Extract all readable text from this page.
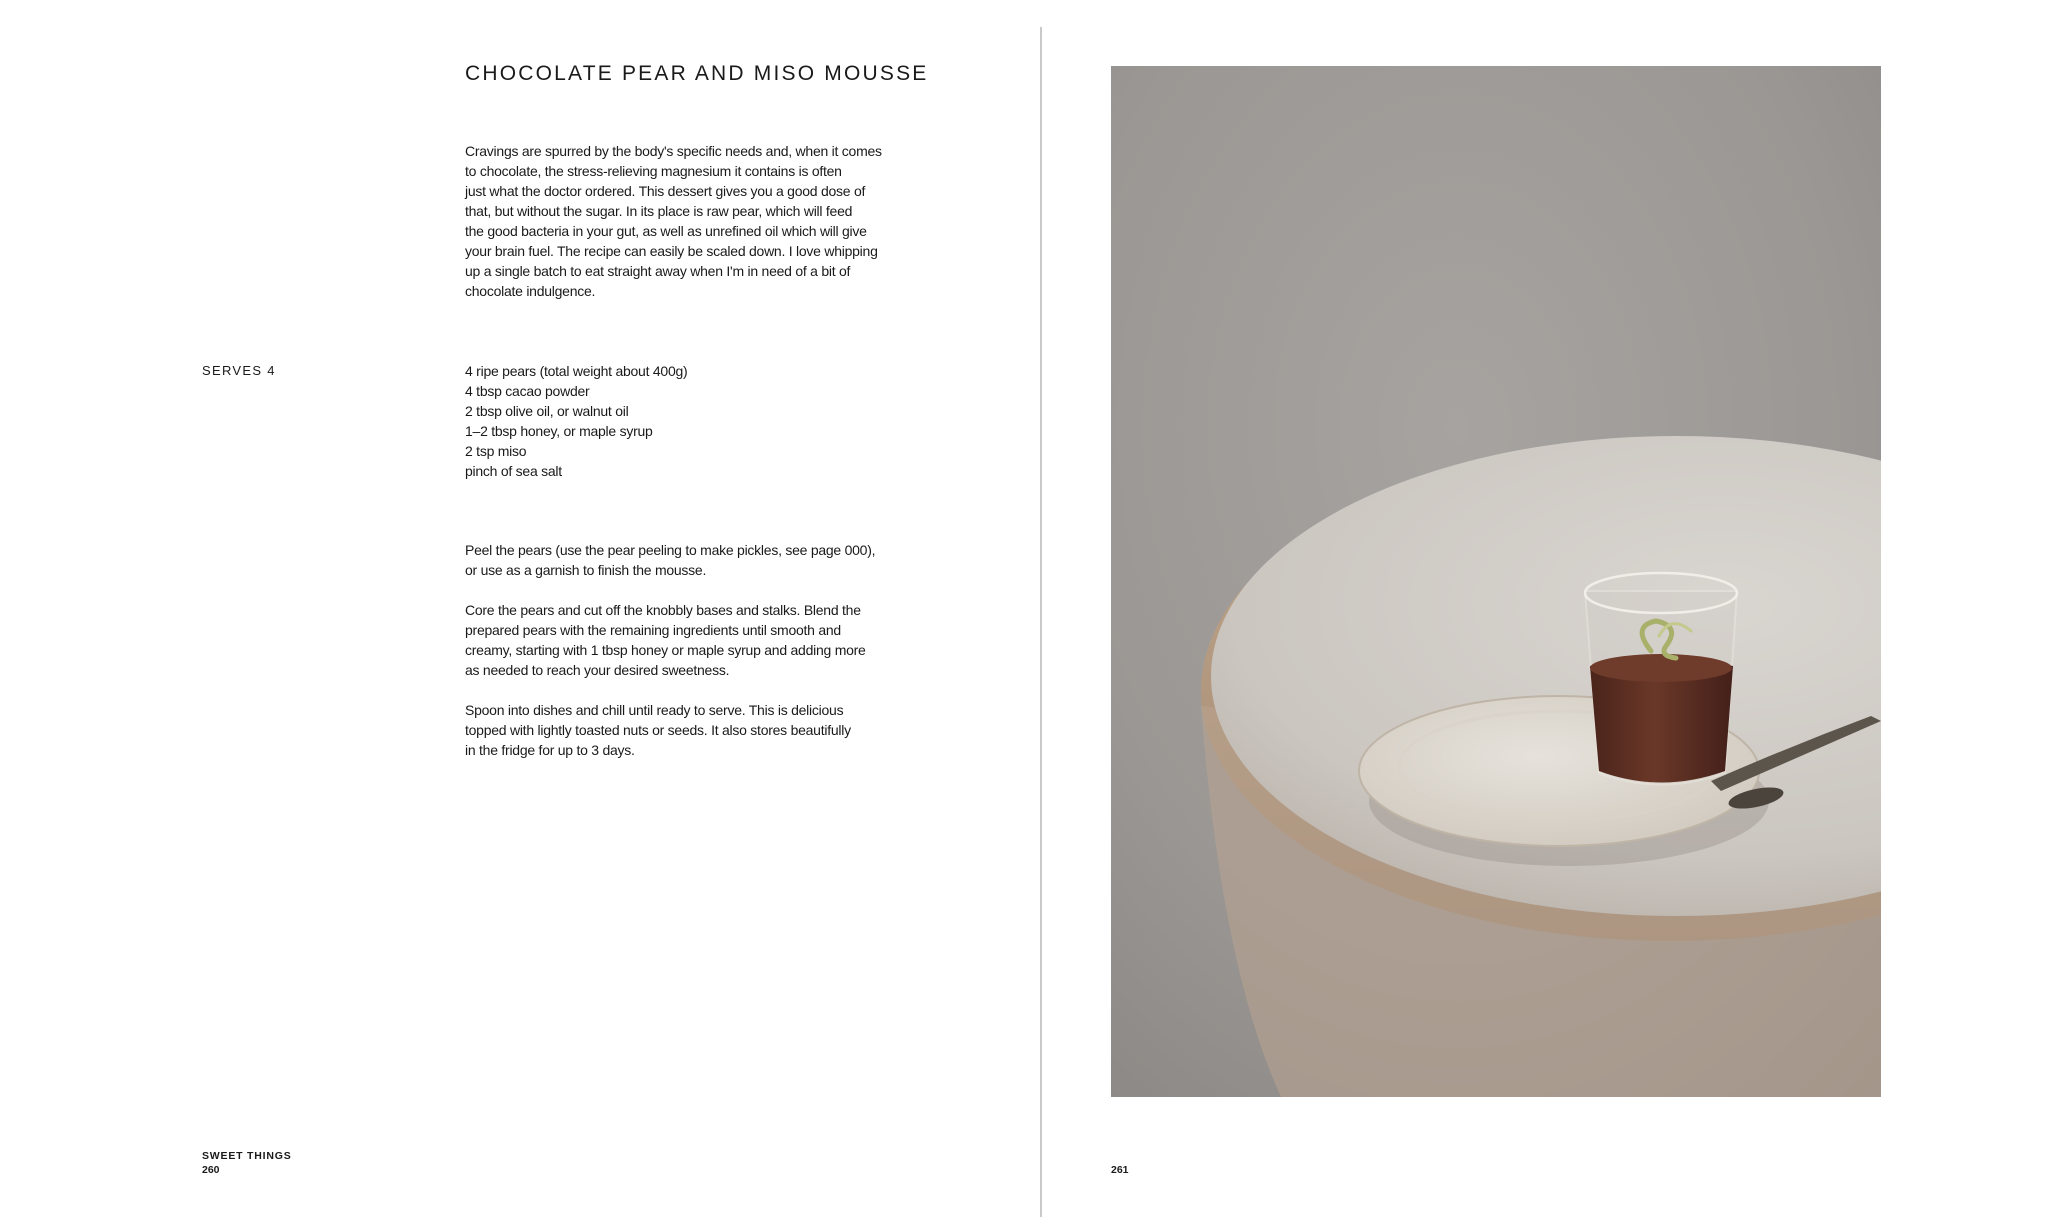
CHOCOLATE PEAR AND MISO MOUSSE

Cravings are spurred by the body's specific needs and, when it comes

to chocolate, the stress-relieving magnesium it contains is often

just what the doctor ordered. This dessert gives you a good dose of

that, but without the sugar. In its place is raw pear, which will feed

the good bacteria in your gut, as well as unrefined oil which will give

your brain fuel. The recipe can easily be scaled down. I love whipping

up a single batch to eat straight away when I'm in need of a bit of

chocolate indulgence.

SERVES 4	4 ripe pears (total weight about 400g)
4 tbsp cacao powder
2 tbsp olive oil, or walnut oil
1–2 tbsp honey, or maple syrup
2 tsp miso
pinch of sea salt

Peel the pears (use the pear peeling to make pickles, see page 000),
or use as a garnish to finish the mousse.

Core the pears and cut off the knobbly bases and stalks. Blend the
prepared pears with the remaining ingredients until smooth and
creamy, starting with 1 tbsp honey or maple syrup and adding more
as needed to reach your desired sweetness.

Spoon into dishes and chill until ready to serve. This is delicious
topped with lightly toasted nuts or seeds. It also stores beautifully
in the fridge for up to 3 days.

SWEET THINGS
260	261
